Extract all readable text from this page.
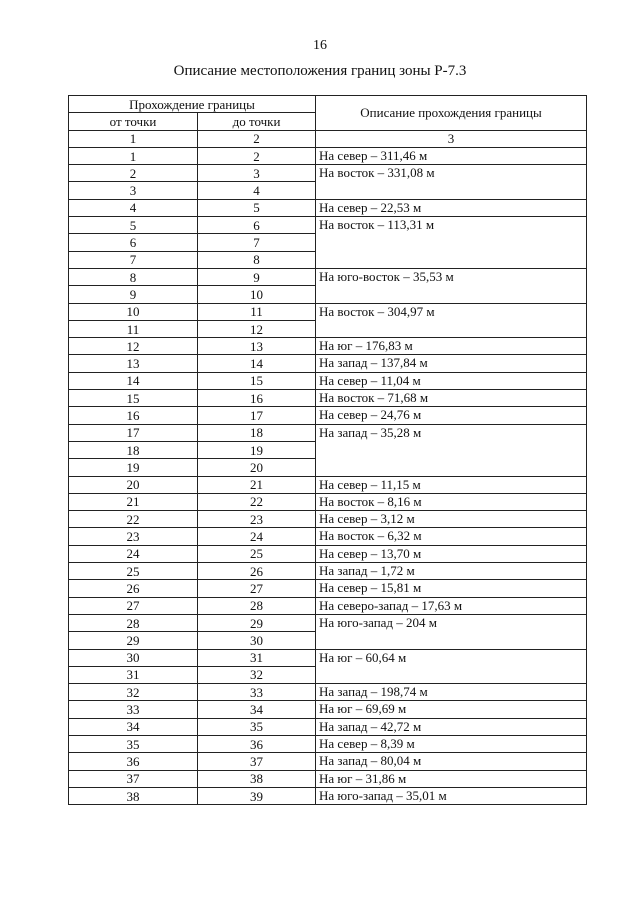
16
Описание местоположения границ зоны Р-7.3
Прохождение границы		Описание прохождения границы
от точки	до точки	
1	2	3
1	2	На север – 311,46 м
2	3	На восток – 331,08 м
3	4	
4	5	На север – 22,53 м
5	6	На восток – 113,31 м
6	7	
7	8	
8	9	На юго-восток – 35,53 м
9	10	
10	11	На восток – 304,97 м
11	12	
12	13	На юг – 176,83 м
13	14	На запад – 137,84 м
14	15	На север – 11,04 м
15	16	На восток – 71,68 м
16	17	На север – 24,76 м
17	18	На запад – 35,28 м
18	19	
19	20	
20	21	На север – 11,15 м
21	22	На восток – 8,16 м
22	23	На север – 3,12 м
23	24	На восток – 6,32 м
24	25	На север – 13,70 м
25	26	На запад – 1,72 м
26	27	На север – 15,81 м
27	28	На северо-запад – 17,63 м
28	29	На юго-запад – 204 м
29	30	
30	31	На юг – 60,64 м
31	32	
32	33	На запад – 198,74 м
33	34	На юг – 69,69 м
34	35	На запад – 42,72 м
35	36	На север – 8,39 м
36	37	На запад – 80,04 м
37	38	На юг – 31,86 м
38	39	На юго-запад – 35,01 м
